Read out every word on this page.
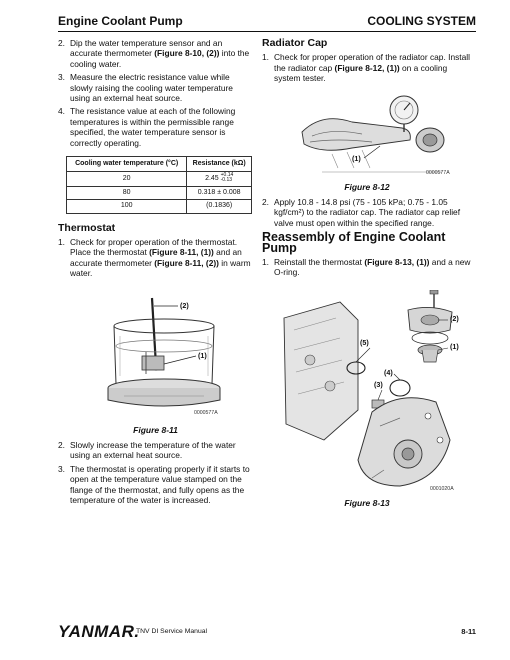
Engine Coolant Pump	COOLING SYSTEM
2. Dip the water temperature sensor and an accurate thermometer (Figure 8-10, (2)) into the cooling water.
3. Measure the electric resistance value while slowly raising the cooling water temperature using an external heat source.
4. The resistance value at each of the following temperatures is within the permissible range specified, the water temperature sensor is correctly operating.
Cooling water temperature (°C)	Resistance (kΩ)
20	2.45 +0.14
-0.13
80	0.318 ± 0.008
100	(0.1836)
Thermostat
1. Check for proper operation of the thermostat. Place the thermostat (Figure 8-11, (1)) and an accurate thermometer (Figure 8-11, (2)) in warm water.
(2)
(1)
0000577A
Figure 8-11
2. Slowly increase the temperature of the water using an external heat source.
3. The thermostat is operating properly if it starts to open at the temperature value stamped on the flange of the thermostat, and fully opens as the temperature of the water is increased.
Radiator Cap
1. Check for proper operation of the radiator cap. Install the radiator cap (Figure 8-12, (1)) on a cooling system tester.
(1)
0000577A
Figure 8-12
2. Apply 10.8 - 14.8 psi (75 - 105 kPa; 0.75 - 1.05 kgf/cm²) to the radiator cap. The radiator cap relief valve must open within the specified range.
Reassembly of Engine Coolant Pump
1. Reinstall the thermostat (Figure 8-13, (1)) and a new O-ring.
(2)
(1)
(5)
(4)
(3)
0001020A
Figure 8-13
YANMAR.
TNV DI Service Manual	8-11
